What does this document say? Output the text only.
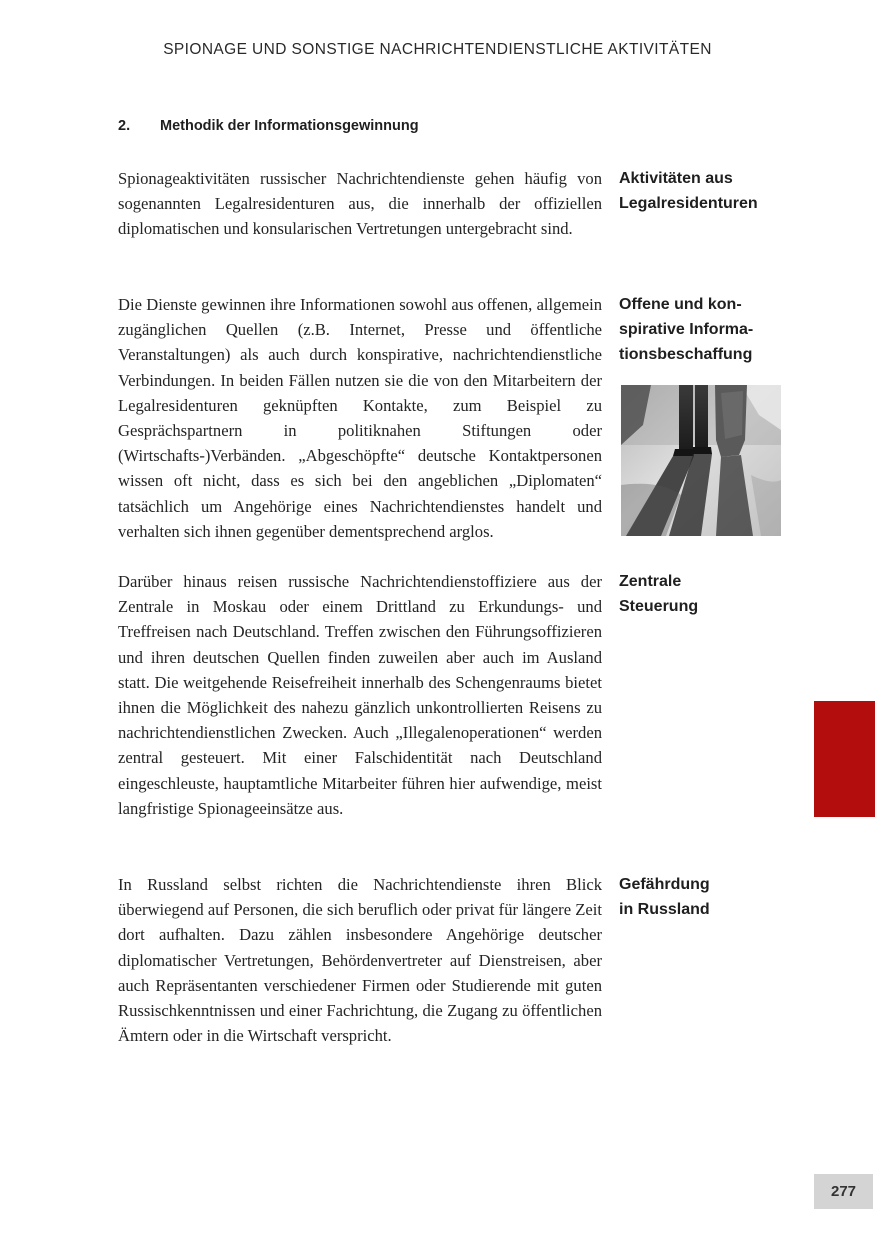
SPIONAGE UND SONSTIGE NACHRICHTENDIENSTLICHE AKTIVITÄTEN
2. Methodik der Informationsgewinnung

Spionageaktivitäten russischer Nachrichtendienste gehen häufig von sogenannten Legalresidenturen aus, die innerhalb der offiziellen diplomatischen und konsularischen Vertretungen untergebracht sind.

Aktivitäten aus
Legalresidenturen

Die Dienste gewinnen ihre Informationen sowohl aus offenen, allgemein zugänglichen Quellen (z.B. Internet, Presse und öffentliche Veranstaltungen) als auch durch konspirative, nachrichtendienstliche Verbindungen. In beiden Fällen nutzen sie die von den Mitarbeitern der Legalresidenturen geknüpften Kontakte, zum Beispiel zu Gesprächspartnern in politiknahen Stiftungen oder (Wirtschafts-)Verbänden. „Abgeschöpfte“ deutsche Kontaktpersonen wissen oft nicht, dass es sich bei den angeblichen „Diplomaten“ tatsächlich um Angehörige eines Nachrichtendienstes handelt und verhalten sich ihnen gegenüber dementsprechend arglos.

Offene und kon-
spirative Informa-
tionsbeschaffung

Darüber hinaus reisen russische Nachrichtendienstoffiziere aus der Zentrale in Moskau oder einem Drittland zu Erkundungs- und Treffreisen nach Deutschland. Treffen zwischen den Führungsoffizieren und ihren deutschen Quellen finden zuweilen aber auch im Ausland statt. Die weitgehende Reisefreiheit innerhalb des Schengenraums bietet ihnen die Möglichkeit des nahezu gänzlich unkontrollierten Reisens zu nachrichtendienstlichen Zwecken. Auch „Illegalenoperationen“ werden zentral gesteuert. Mit einer Falschidentität nach Deutschland eingeschleuste, hauptamtliche Mitarbeiter führen hier aufwendige, meist langfristige Spionageeinsätze aus.

Zentrale
Steuerung

In Russland selbst richten die Nachrichtendienste ihren Blick überwiegend auf Personen, die sich beruflich oder privat für längere Zeit dort aufhalten. Dazu zählen insbesondere Angehörige deutscher diplomatischer Vertretungen, Behördenvertreter auf Dienstreisen, aber auch Repräsentanten verschiedener Firmen oder Studierende mit guten Russischkenntnissen und einer Fachrichtung, die Zugang zu öffentlichen Ämtern oder in die Wirtschaft verspricht.

Gefährdung
in Russland
277
